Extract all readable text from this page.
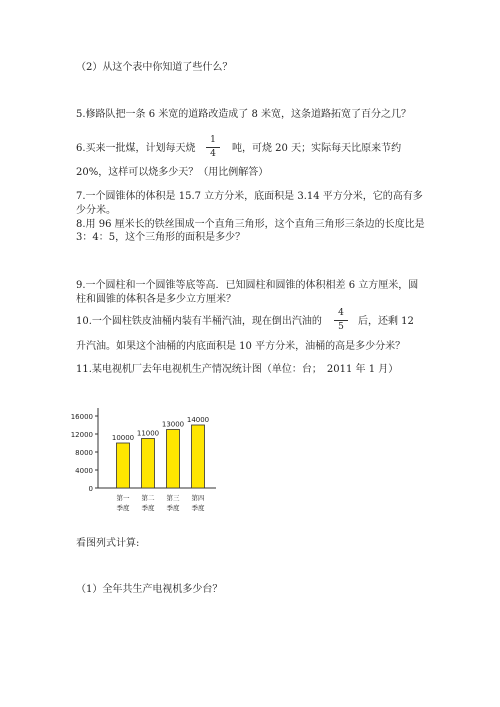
（2）从这个表中你知道了些什么？
5.修路队把一条 6 米宽的道路改造成了 8 米宽，这条道路拓宽了百分之几？
6.买来一批煤，计划每天烧
1
4	吨，可烧 20 天；实际每天比原来节约
20%，这样可以烧多少天？（用比例解答）
7.一个圆锥体的体积是 15.7 立方分米，底面积是 3.14 平方分米，它的高有多
少分米。
8.用 96 厘米长的铁丝围成一个直角三角形，这个直角三角形三条边的长度比是
3：4：5，这个三角形的面积是多少？
9.一个圆柱和一个圆锥等底等高．已知圆柱和圆锥的体积相差 6 立方厘米，圆
柱和圆锥的体积各是多少立方厘米？
10.一个圆柱铁皮油桶内装有半桶汽油，现在倒出汽油的
4
5	后，还剩 12
升汽油。如果这个油桶的内底面积是 10 平方分米，油桶的高是多少分米？
11.某电视机厂去年电视机生产情况统计图（单位：台；　2011 年 1 月）
0
4000
8000
12000
16000
10000
第一
季度
11000
第二
季度
13000
第三
季度
14000
第四
季度
看图列式计算:
（1）全年共生产电视机多少台？
